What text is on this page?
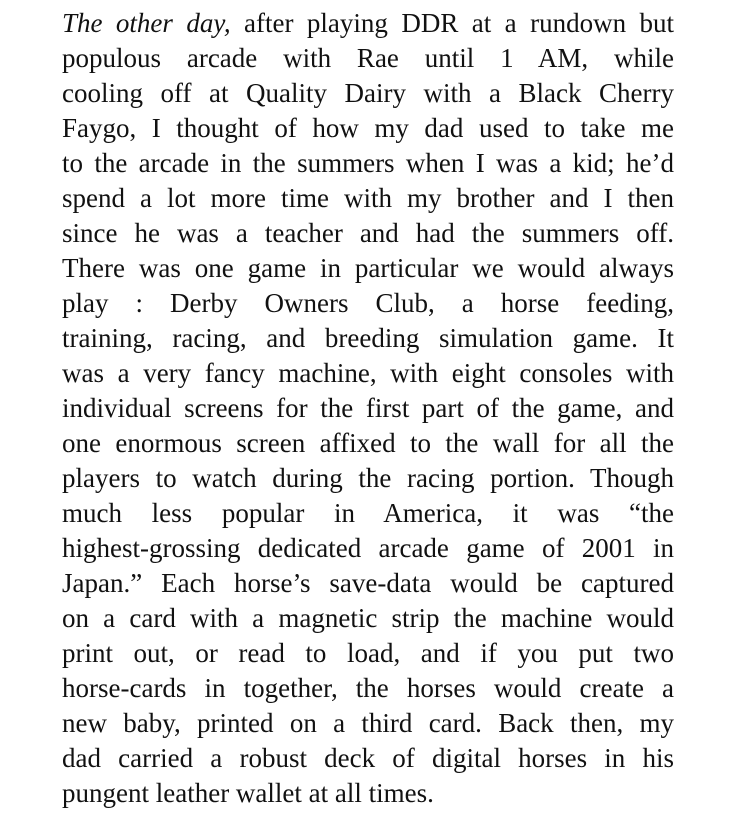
The other day, after playing DDR at a rundown but
populous arcade with Rae until 1 AM, while
cooling off at Quality Dairy with a Black Cherry
Faygo, I thought of how my dad used to take me
to the arcade in the summers when I was a kid; he’d
spend a lot more time with my brother and I then
since he was a teacher and had the summers off.
There was one game in particular we would always
play : Derby Owners Club, a horse feeding,
training, racing, and breeding simulation game. It
was a very fancy machine, with eight consoles with
individual screens for the first part of the game, and
one enormous screen affixed to the wall for all the
players to watch during the racing portion. Though
much less popular in America, it was “the
highest-grossing dedicated arcade game of 2001 in
Japan.” Each horse’s save-data would be captured
on a card with a magnetic strip the machine would
print out, or read to load, and if you put two
horse-cards in together, the horses would create a
new baby, printed on a third card. Back then, my
dad carried a robust deck of digital horses in his
pungent leather wallet at all times.
